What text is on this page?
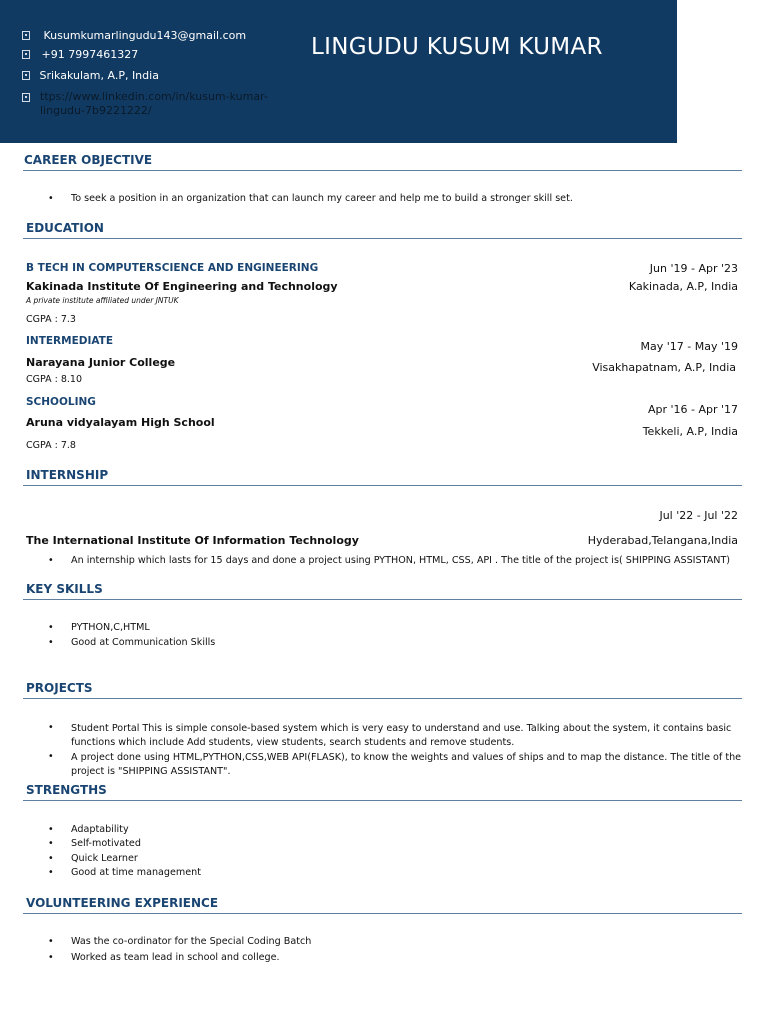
Kusumkumarlingudu143@gmail.com
+91 7997461327
Srikakulam, A.P, India
ttps://www.linkedin.com/in/kusum-kumar-lingudu-7b9221222/
LINGUDU KUSUM KUMAR
CAREER OBJECTIVE
• To seek a position in an organization that can launch my career and help me to build a stronger skill set.
EDUCATION
B TECH IN COMPUTERSCIENCE AND ENGINEERING
Kakinada Institute Of Engineering and Technology
A private institute affiliated under JNTUK
CGPA : 7.3
Jun '19 - Apr '23
Kakinada, A.P, India
INTERMEDIATE
Narayana Junior College
CGPA : 8.10
May '17 - May '19
Visakhapatnam, A.P, India
SCHOOLING
Aruna vidyalayam High School
CGPA : 7.8
Apr '16 - Apr '17
Tekkeli, A.P, India
INTERNSHIP
Jul '22 - Jul '22
The International Institute Of Information Technology	Hyderabad,Telangana,India
• An internship which lasts for 15 days and done a project using PYTHON, HTML, CSS, API . The title of the project is( SHIPPING ASSISTANT)
KEY SKILLS
• PYTHON,C,HTML
• Good at Communication Skills
PROJECTS
• Student Portal This is simple console-based system which is very easy to understand and use. Talking about the system, it contains basic functions which include Add students, view students, search students and remove students.
• A project done using HTML,PYTHON,CSS,WEB API(FLASK), to know the weights and values of ships and to map the distance. The title of the project is "SHIPPING ASSISTANT".
STRENGTHS
• Adaptability
• Self-motivated
• Quick Learner
• Good at time management
VOLUNTEERING EXPERIENCE
• Was the co-ordinator for the Special Coding Batch
• Worked as team lead in school and college.
